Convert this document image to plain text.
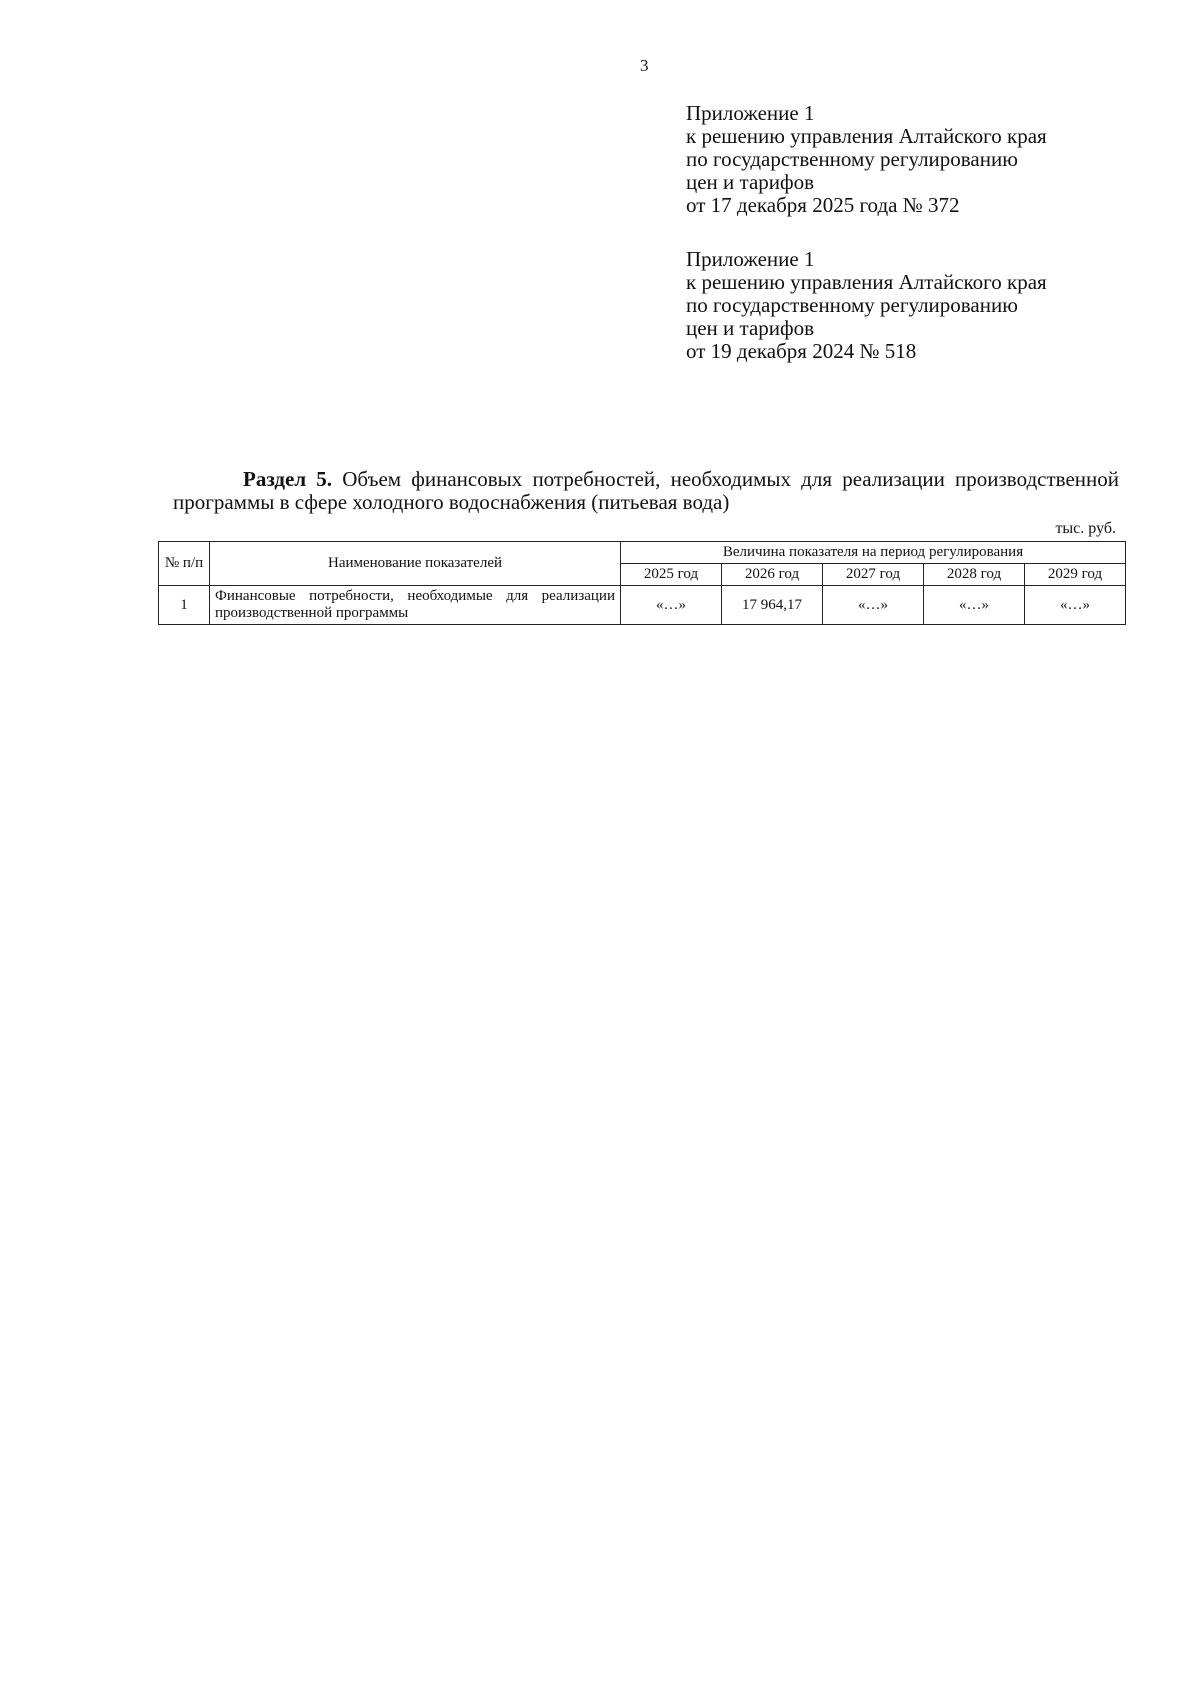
3
Приложение 1
к решению управления Алтайского края
по государственному регулированию
цен и тарифов
от 17 декабря 2025 года № 372
Приложение 1
к решению управления Алтайского края
по государственному регулированию
цен и тарифов
от 19 декабря 2024 № 518
Раздел 5. Объем финансовых потребностей, необходимых для реализации производственной программы в сфере холодного водоснабжения (питьевая вода)
тыс. руб.
№ п/п	Наименование показателей	Величина показателя на период регулирования				
		2025 год	2026 год	2027 год	2028 год	2029 год
1	Финансовые потребности, необходимые для реализации производственной программы	«…»	17 964,17	«…»	«…»	«…»
